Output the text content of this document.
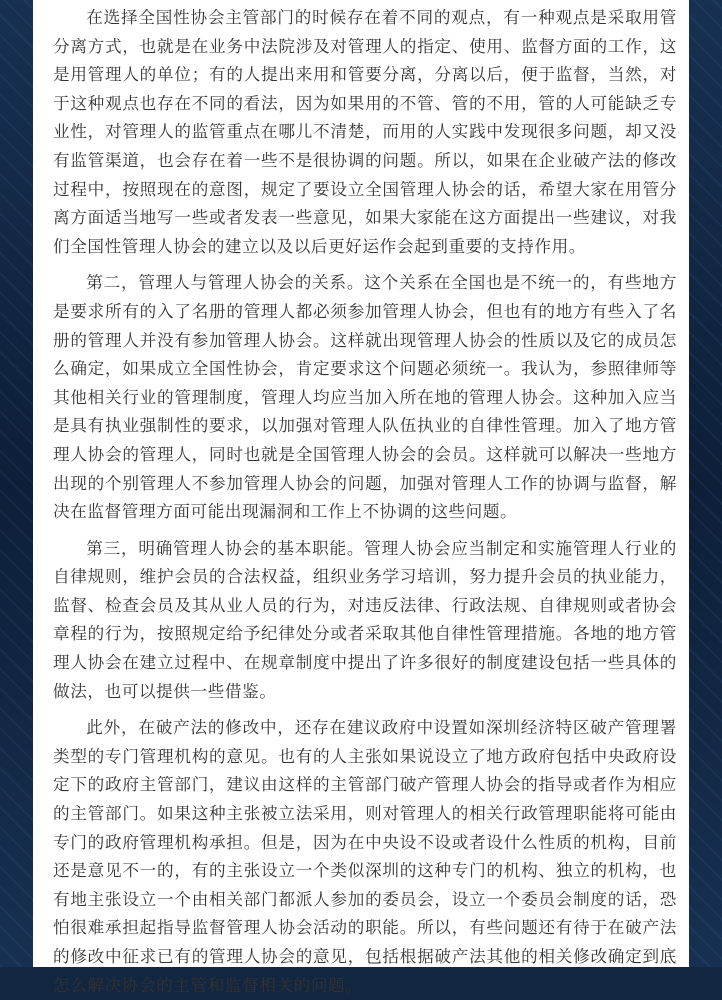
在选择全国性协会主管部门的时候存在着不同的观点，有一种观点是采取用管分离方式，也就是在业务中法院涉及对管理人的指定、使用、监督方面的工作，这是用管理人的单位；有的人提出来用和管要分离，分离以后，便于监督，当然，对于这种观点也存在不同的看法，因为如果用的不管、管的不用，管的人可能缺乏专业性，对管理人的监管重点在哪儿不清楚，而用的人实践中发现很多问题，却又没有监管渠道，也会存在着一些不是很协调的问题。所以，如果在企业破产法的修改过程中，按照现在的意图，规定了要设立全国管理人协会的话，希望大家在用管分离方面适当地写一些或者发表一些意见，如果大家能在这方面提出一些建议，对我们全国性管理人协会的建立以及以后更好运作会起到重要的支持作用。

第二，管理人与管理人协会的关系。这个关系在全国也是不统一的，有些地方是要求所有的入了名册的管理人都必须参加管理人协会，但也有的地方有些入了名册的管理人并没有参加管理人协会。这样就出现管理人协会的性质以及它的成员怎么确定，如果成立全国性协会，肯定要求这个问题必须统一。我认为，参照律师等其他相关行业的管理制度，管理人均应当加入所在地的管理人协会。这种加入应当是具有执业强制性的要求，以加强对管理人队伍执业的自律性管理。加入了地方管理人协会的管理人，同时也就是全国管理人协会的会员。这样就可以解决一些地方出现的个别管理人不参加管理人协会的问题，加强对管理人工作的协调与监督，解决在监督管理方面可能出现漏洞和工作上不协调的这些问题。

第三，明确管理人协会的基本职能。管理人协会应当制定和实施管理人行业的自律规则，维护会员的合法权益，组织业务学习培训，努力提升会员的执业能力，监督、检查会员及其从业人员的行为，对违反法律、行政法规、自律规则或者协会章程的行为，按照规定给予纪律处分或者采取其他自律性管理措施。各地的地方管理人协会在建立过程中、在规章制度中提出了许多很好的制度建设包括一些具体的做法，也可以提供一些借鉴。

此外，在破产法的修改中，还存在建议政府中设置如深圳经济特区破产管理署类型的专门管理机构的意见。也有的人主张如果说设立了地方政府包括中央政府设定下的政府主管部门，建议由这样的主管部门破产管理人协会的指导或者作为相应的主管部门。如果这种主张被立法采用，则对管理人的相关行政管理职能将可能由专门的政府管理机构承担。但是，因为在中央设不设或者设什么性质的机构，目前还是意见不一的，有的主张设立一个类似深圳的这种专门的机构、独立的机构，也有地主张设立一个由相关部门都派人参加的委员会，设立一个委员会制度的话，恐怕很难承担起指导监督管理人协会活动的职能。所以，有些问题还有待于在破产法的修改中征求已有的管理人协会的意见，包括根据破产法其他的相关修改确定到底怎么解决协会的主管和监督相关的问题。
